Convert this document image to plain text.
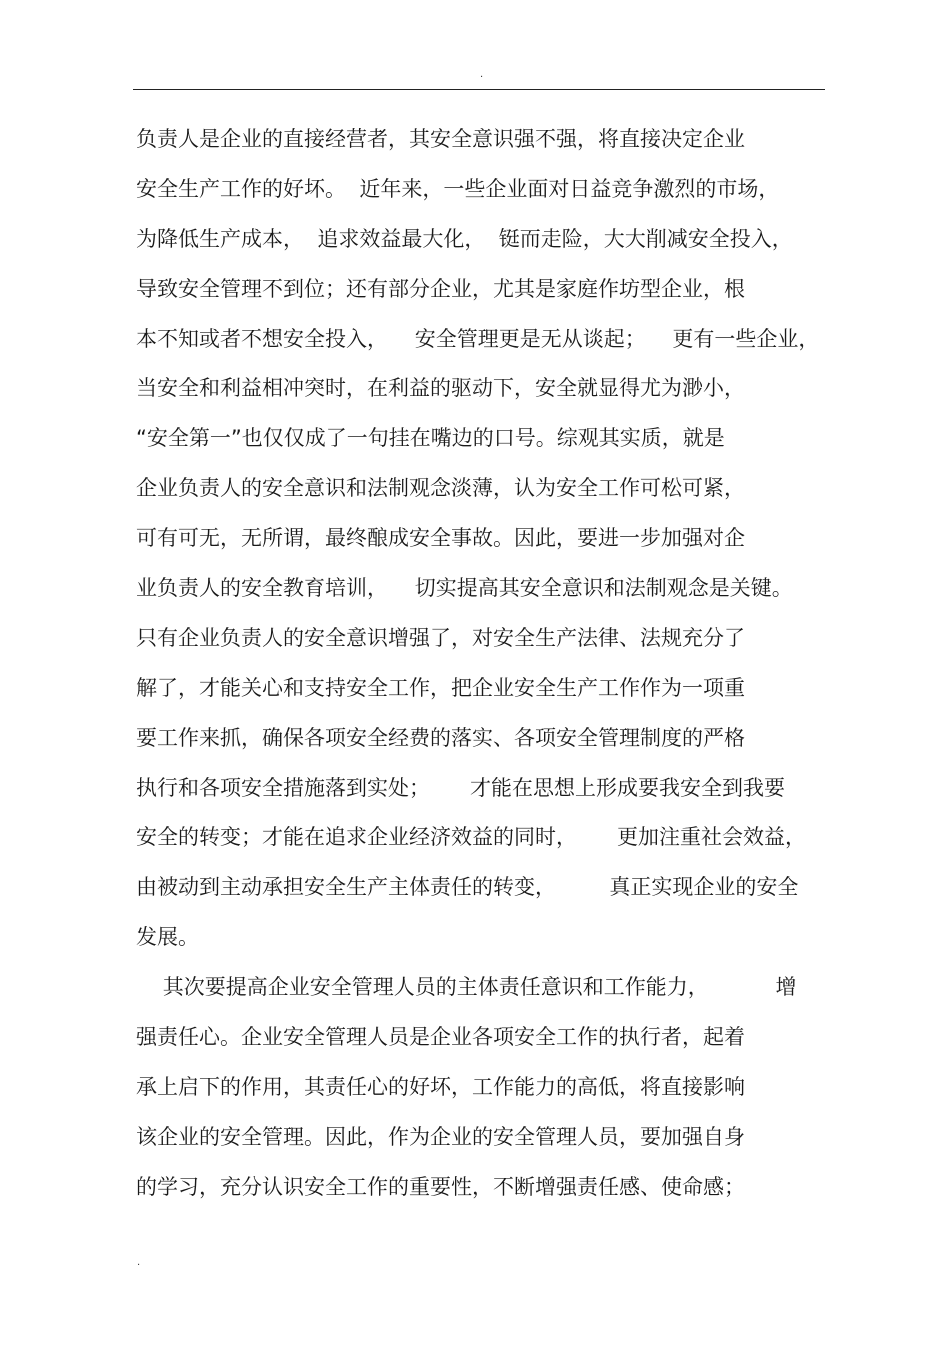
.
负责人是企业的直接经营者，其安全意识强不强，将直接决定企业
安全生产工作的好坏。  近年来，一些企业面对日益竞争激烈的市场，
为降低生产成本，  追求效益最大化，  铤而走险，大大削减安全投入，
导致安全管理不到位；还有部分企业，尤其是家庭作坊型企业，根
本不知或者不想安全投入，    安全管理更是无从谈起；    更有一些企业，
当安全和利益相冲突时，在利益的驱动下，安全就显得尤为渺小，
“安全第一”也仅仅成了一句挂在嘴边的口号。综观其实质，就是
企业负责人的安全意识和法制观念淡薄，认为安全工作可松可紧，
可有可无，无所谓，最终酿成安全事故。因此，要进一步加强对企
业负责人的安全教育培训，    切实提高其安全意识和法制观念是关键。
只有企业负责人的安全意识增强了，对安全生产法律、法规充分了
解了，才能关心和支持安全工作，把企业安全生产工作作为一项重
要工作来抓，确保各项安全经费的落实、各项安全管理制度的严格
执行和各项安全措施落到实处；      才能在思想上形成要我安全到我要
安全的转变；才能在追求企业经济效益的同时，      更加注重社会效益，
由被动到主动承担安全生产主体责任的转变，        真正实现企业的安全
发展。
其次要提高企业安全管理人员的主体责任意识和工作能力，          增
强责任心。企业安全管理人员是企业各项安全工作的执行者，起着
承上启下的作用，其责任心的好坏，工作能力的高低，将直接影响
该企业的安全管理。因此，作为企业的安全管理人员，要加强自身
的学习，充分认识安全工作的重要性，不断增强责任感、使命感；
.
